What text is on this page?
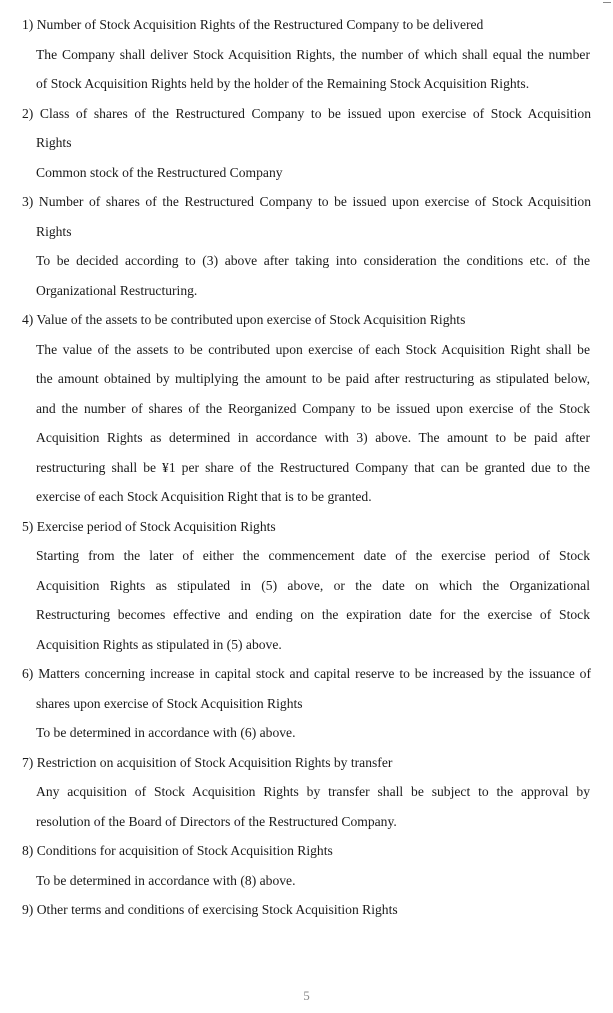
1) Number of Stock Acquisition Rights of the Restructured Company to be delivered
The Company shall deliver Stock Acquisition Rights, the number of which shall equal the number
of Stock Acquisition Rights held by the holder of the Remaining Stock Acquisition Rights.
2) Class of shares of the Restructured Company to be issued upon exercise of Stock Acquisition
Rights
Common stock of the Restructured Company
3) Number of shares of the Restructured Company to be issued upon exercise of Stock Acquisition
Rights
To be decided according to (3) above after taking into consideration the conditions etc. of the
Organizational Restructuring.
4) Value of the assets to be contributed upon exercise of Stock Acquisition Rights
The value of the assets to be contributed upon exercise of each Stock Acquisition Right shall be
the amount obtained by multiplying the amount to be paid after restructuring as stipulated below,
and the number of shares of the Reorganized Company to be issued upon exercise of the Stock
Acquisition Rights as determined in accordance with 3) above. The amount to be paid after
restructuring shall be ¥1 per share of the Restructured Company that can be granted due to the
exercise of each Stock Acquisition Right that is to be granted.
5) Exercise period of Stock Acquisition Rights
Starting from the later of either the commencement date of the exercise period of Stock
Acquisition Rights as stipulated in (5) above, or the date on which the Organizational
Restructuring becomes effective and ending on the expiration date for the exercise of Stock
Acquisition Rights as stipulated in (5) above.
6) Matters concerning increase in capital stock and capital reserve to be increased by the issuance of
shares upon exercise of Stock Acquisition Rights
To be determined in accordance with (6) above.
7) Restriction on acquisition of Stock Acquisition Rights by transfer
Any acquisition of Stock Acquisition Rights by transfer shall be subject to the approval by
resolution of the Board of Directors of the Restructured Company.
8) Conditions for acquisition of Stock Acquisition Rights
To be determined in accordance with (8) above.
9) Other terms and conditions of exercising Stock Acquisition Rights
5
